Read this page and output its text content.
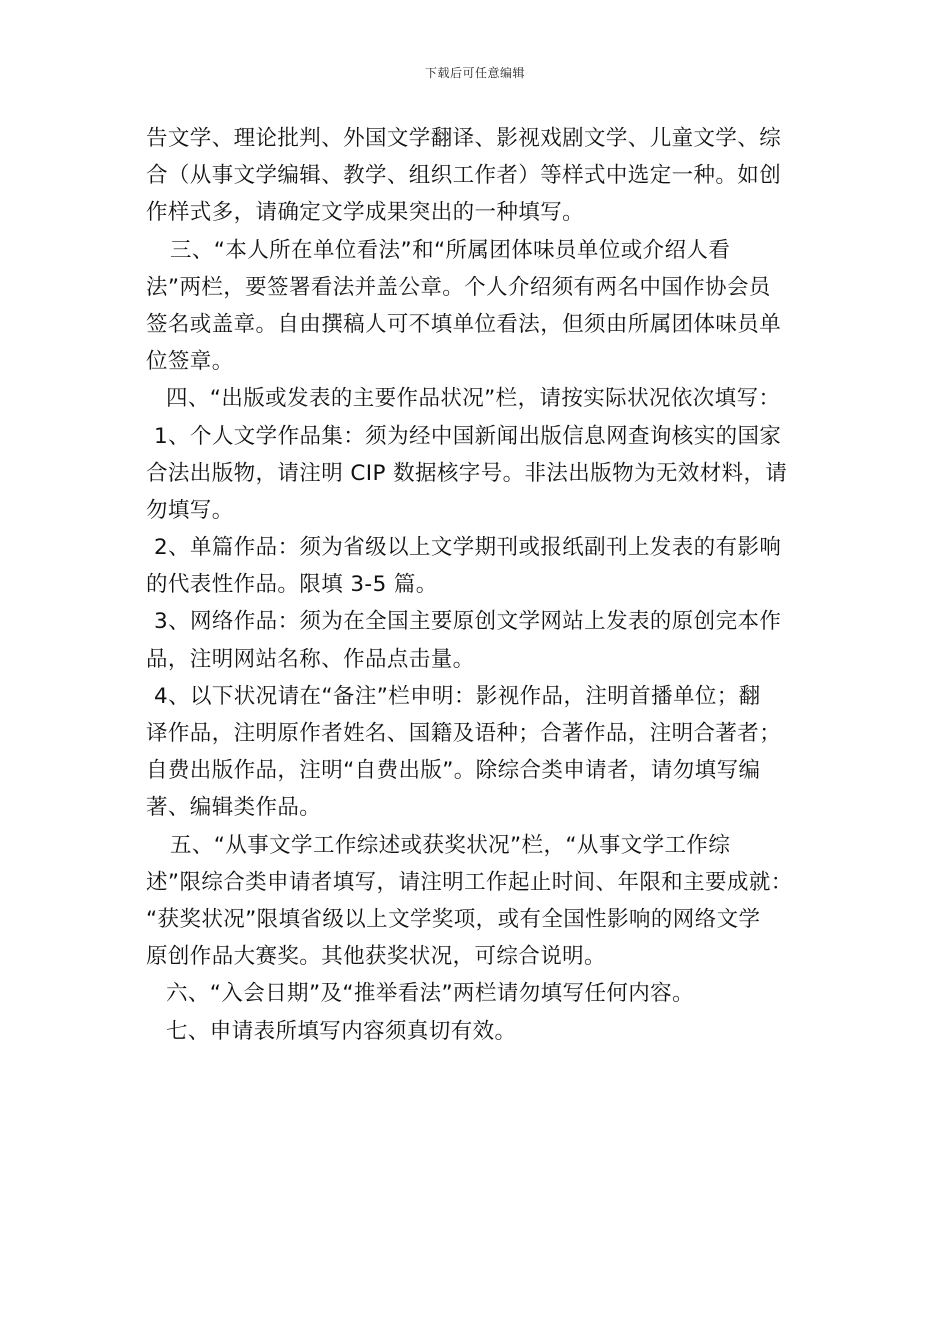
下载后可任意编辑
告文学、理论批判、外国文学翻译、影视戏剧文学、儿童文学、综
合（从事文学编辑、教学、组织工作者）等样式中选定一种。如创
作样式多，请确定文学成果突出的一种填写。
三、“本人所在单位看法”和“所属团体味员单位或介绍人看
法”两栏，要签署看法并盖公章。个人介绍须有两名中国作协会员
签名或盖章。自由撰稿人可不填单位看法，但须由所属团体味员单
位签章。
四、“出版或发表的主要作品状况”栏，请按实际状况依次填写：
1、个人文学作品集：须为经中国新闻出版信息网查询核实的国家
合法出版物，请注明 CIP 数据核字号。非法出版物为无效材料，请
勿填写。
2、单篇作品：须为省级以上文学期刊或报纸副刊上发表的有影响
的代表性作品。限填 3-5 篇。
3、网络作品：须为在全国主要原创文学网站上发表的原创完本作
品，注明网站名称、作品点击量。
4、以下状况请在“备注”栏申明：影视作品，注明首播单位；翻
译作品，注明原作者姓名、国籍及语种；合著作品，注明合著者；
自费出版作品，注明“自费出版”。除综合类申请者，请勿填写编
著、编辑类作品。
五、“从事文学工作综述或获奖状况”栏，“从事文学工作综
述”限综合类申请者填写，请注明工作起止时间、年限和主要成就：
“获奖状况”限填省级以上文学奖项，或有全国性影响的网络文学
原创作品大赛奖。其他获奖状况，可综合说明。
六、“入会日期”及“推举看法”两栏请勿填写任何内容。
七、申请表所填写内容须真切有效。
